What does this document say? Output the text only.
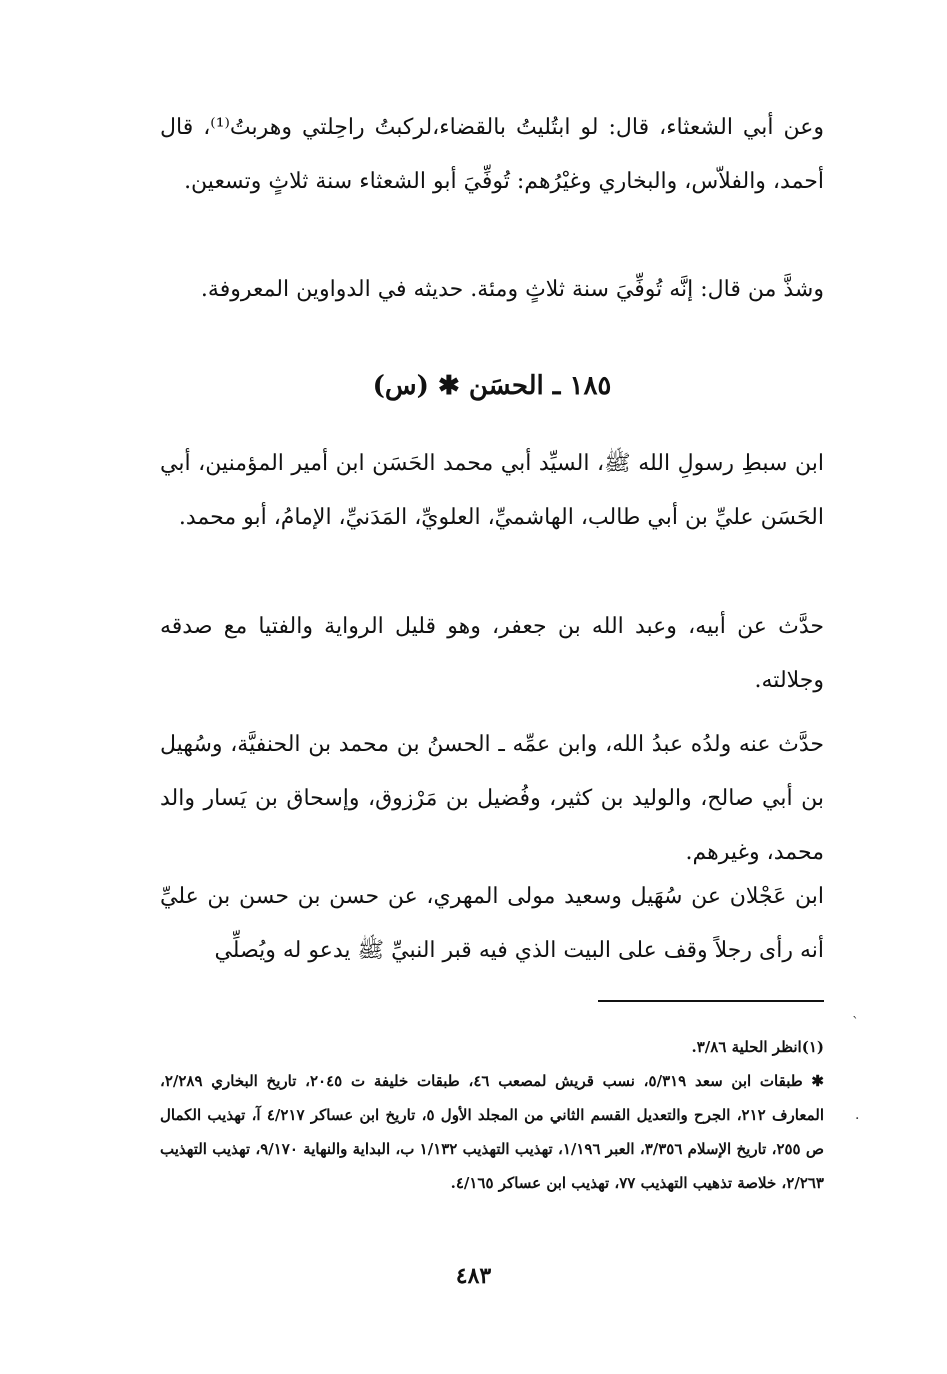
وعن أبي الشعثاء، قال: لو ابتُليتُ بالقضاء،لركبتُ راحِلتي وهربتُ⁽¹⁾، قال أحمد، والفلاّس، والبخاري وغيْرُهم: تُوفِّيَ أبو الشعثاء سنة ثلاثٍ وتسعين.

وشذَّ من قال: إنَّه تُوفِّيَ سنة ثلاثٍ ومئة. حديثه في الدواوين المعروفة.

١٨٥ ـ الحسَن ✱ (س)

ابن سبطِ رسولِ الله ﷺ، السيِّد أبي محمد الحَسَن ابن أمير المؤمنين، أبي الحَسَن عليِّ بن أبي طالب، الهاشميِّ، العلويِّ، المَدَنيِّ، الإمامُ، أبو محمد.

حدَّث عن أبيه، وعبد الله بن جعفر، وهو قليل الرواية والفتيا مع صدقه وجلالته.

حدَّث عنه ولدُه عبدُ الله، وابن عمِّه ـ الحسنُ بن محمد بن الحنفيَّة، وسُهيل بن أبي صالح، والوليد بن كثير، وفُضيل بن مَرْزوق، وإسحاق بن يَسار والد محمد، وغيرهم.

ابن عَجْلان عن سُهَيل وسعيد مولى المهري، عن حسن بن حسن بن عليِّ أنه رأى رجلاً وقف على البيت الذي فيه قبر النبيِّ ﷺ يدعو له ويُصلِّي

(١)انظر الحلية ٣/٨٦.

✱ طبقات ابن سعد ٥/٣١٩، نسب قريش لمصعب ٤٦، طبقات خليفة ت ٢٠٤٥، تاريخ البخاري ٢/٢٨٩، المعارف ٢١٢، الجرح والتعديل القسم الثاني من المجلد الأول ٥، تاريخ ابن عساكر ٤/٢١٧ آ، تهذيب الكمال ص ٢٥٥، تاريخ الإسلام ٣/٣٥٦، العبر ١/١٩٦، تهذيب التهذيب ١/١٣٢ ب، البداية والنهاية ٩/١٧٠، تهذيب التهذيب ٢/٢٦٣، خلاصة تذهيب التهذيب ٧٧، تهذيب ابن عساكر ٤/١٦٥.

ˋ
·
٤٨٣
